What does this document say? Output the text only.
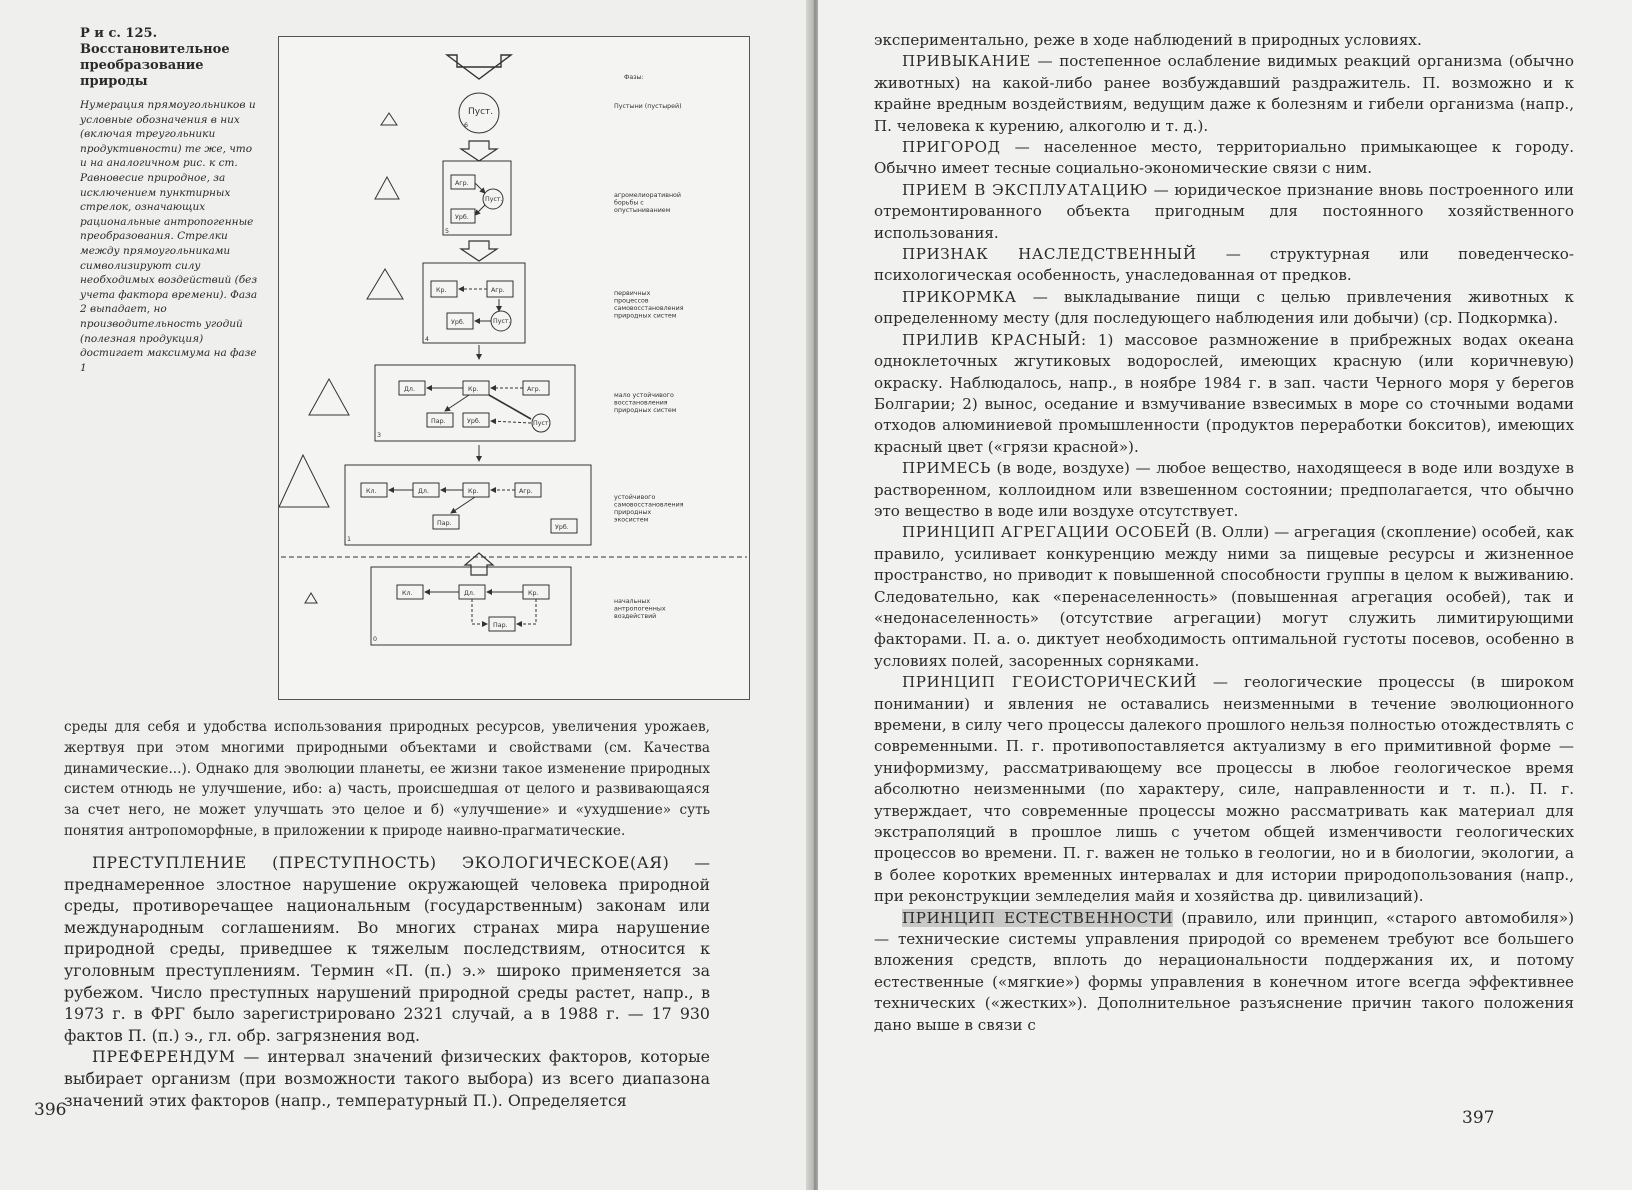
Р и с. 125. Восстановительное преобразование природы
Нумерация прямоугольников и условные обозначения в них (включая треугольники продуктивности) те же, что и на аналогичном рис. к ст. Равновесие природное, за исключением пунктирных стрелок, означающих рациональные антропогенные преобразования. Стрелки между прямоугольниками символизируют силу необходимых воздействий (без учета фактора времени). Фаза 2 выпадает, но производительность угодий (полезная продукция) достигает максимума на фазе 1
Фазы:
Пуст.
6
Пустыни (пустырей)
Агр.
Пуст.
Урб.
5
агромелиоративной борьбы с опустыниванием
Кр.	Агр.
Урб.	Пуст.
4
первичных процессов самовосстановления природных систем
Дл.	Кр.	Агр.
Пар.	Урб.	Пуст.
3
мало устойчивого восстановления природных систем
Кл.	Дл.	Кр.	Агр.
Пар.
Урб.
1
устойчивого самовосстановления природных экосистем
Кл.	Дл.	Кр.
Пар.
0
начальных антропогенных воздействий

среды для себя и удобства использования природных ресурсов, увеличения урожаев, жертвуя при этом многими природными объектами и свойствами (см. Качества динамические...). Однако для эволюции планеты, ее жизни такое изменение природных систем отнюдь не улучшение, ибо: а) часть, происшедшая от целого и развивающаяся за счет него, не может улучшать это целое и б) «улучшение» и «ухудшение» суть понятия антропоморфные, в приложении к природе наивно-прагматические.

ПРЕСТУПЛЕНИЕ (ПРЕСТУПНОСТЬ) ЭКОЛОГИЧЕСКОЕ(АЯ) — преднамеренное злостное нарушение окружающей человека природной среды, противоречащее национальным (государственным) законам или международным соглашениям. Во многих странах мира нарушение природной среды, приведшее к тяжелым последствиям, относится к уголовным преступлениям. Термин «П. (п.) э.» широко применяется за рубежом. Число преступных нарушений природной среды растет, напр., в 1973 г. в ФРГ было зарегистрировано 2321 случай, а в 1988 г. — 17 930 фактов П. (п.) э., гл. обр. загрязнения вод.

ПРЕФЕРЕНДУМ — интервал значений физических факторов, которые выбирает организм (при возможности такого выбора) из всего диапазона значений этих факторов (напр., температурный П.). Определяется

396

экспериментально, реже в ходе наблюдений в природных условиях.

ПРИВЫКАНИЕ — постепенное ослабление видимых реакций организма (обычно животных) на какой-либо ранее возбуждавший раздражитель. П. возможно и к крайне вредным воздействиям, ведущим даже к болезням и гибели организма (напр., П. человека к курению, алкоголю и т. д.).

ПРИГОРОД — населенное место, территориально примыкающее к городу. Обычно имеет тесные социально-экономические связи с ним.

ПРИЕМ В ЭКСПЛУАТАЦИЮ — юридическое признание вновь построенного или отремонтированного объекта пригодным для постоянного хозяйственного использования.

ПРИЗНАК НАСЛЕДСТВЕННЫЙ — структурная или поведенческо-психологическая особенность, унаследованная от предков.

ПРИКОРМКА — выкладывание пищи с целью привлечения животных к определенному месту (для последующего наблюдения или добычи) (ср. Подкормка).

ПРИЛИВ КРАСНЫЙ: 1) массовое размножение в прибрежных водах океана одноклеточных жгутиковых водорослей, имеющих красную (или коричневую) окраску. Наблюдалось, напр., в ноябре 1984 г. в зап. части Черного моря у берегов Болгарии; 2) вынос, оседание и взмучивание взвесимых в море со сточными водами отходов алюминиевой промышленности (продуктов переработки бокситов), имеющих красный цвет («грязи красной»).

ПРИМЕСЬ (в воде, воздухе) — любое вещество, находящееся в воде или воздухе в растворенном, коллоидном или взвешенном состоянии; предполагается, что обычно это вещество в воде или воздухе отсутствует.

ПРИНЦИП АГРЕГАЦИИ ОСОБЕЙ (В. Олли) — агрегация (скопление) особей, как правило, усиливает конкуренцию между ними за пищевые ресурсы и жизненное пространство, но приводит к повышенной способности группы в целом к выживанию. Следовательно, как «перенаселенность» (повышенная агрегация особей), так и «недонаселенность» (отсутствие агрегации) могут служить лимитирующими факторами. П. а. о. диктует необходимость оптимальной густоты посевов, особенно в условиях полей, засоренных сорняками.

ПРИНЦИП ГЕОИСТОРИЧЕСКИЙ — геологические процессы (в широком понимании) и явления не оставались неизменными в течение эволюционного времени, в силу чего процессы далекого прошлого нельзя полностью отождествлять с современными. П. г. противопоставляется актуализму в его примитивной форме — униформизму, рассматривающему все процессы в любое геологическое время абсолютно неизменными (по характеру, силе, направленности и т. п.). П. г. утверждает, что современные процессы можно рассматривать как материал для экстраполяций в прошлое лишь с учетом общей изменчивости геологических процессов во времени. П. г. важен не только в геологии, но и в биологии, экологии, а в более коротких временных интервалах и для истории природопользования (напр., при реконструкции земледелия майя и хозяйства др. цивилизаций).

ПРИНЦИП ЕСТЕСТВЕННОСТИ (правило, или принцип, «старого автомобиля») — технические системы управления природой со временем требуют все большего вложения средств, вплоть до нерациональности поддержания их, и потому естественные («мягкие») формы управления в конечном итоге всегда эффективнее технических («жестких»). Дополнительное разъяснение причин такого положения дано выше в связи с

397
